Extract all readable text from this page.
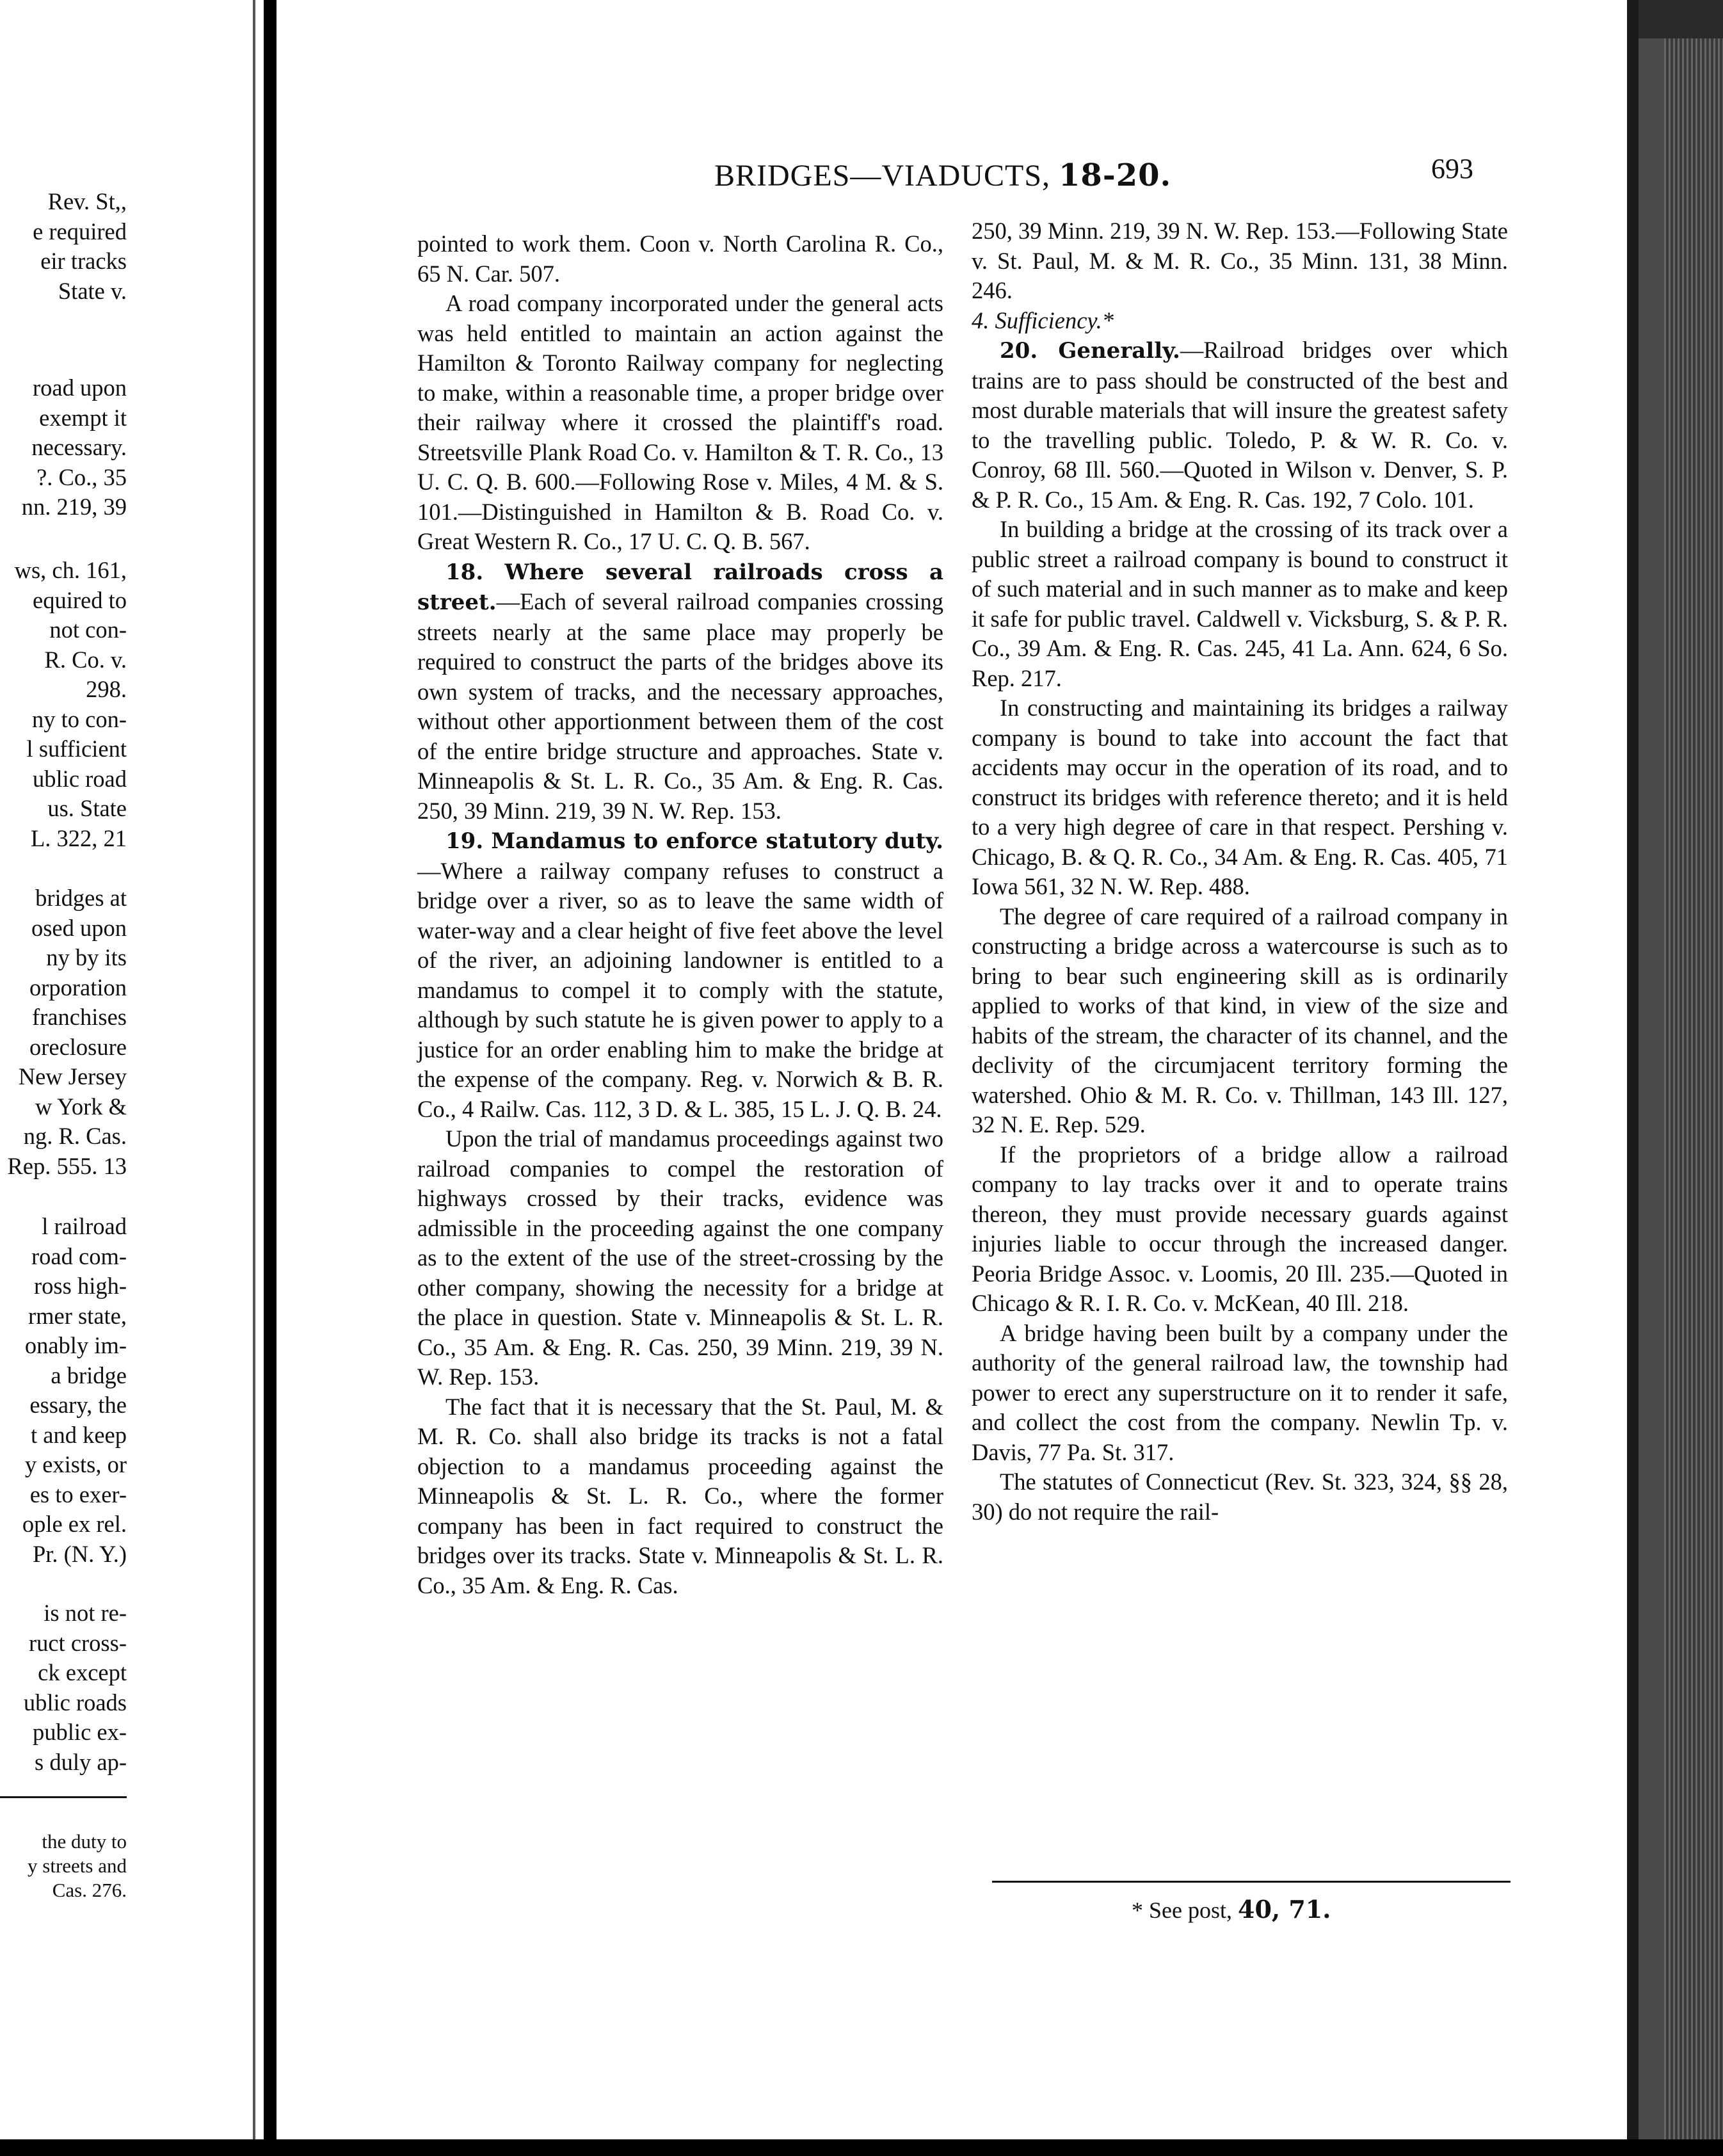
BRIDGES—VIADUCTS, 18-20.	693
Rev. St,,
e required
eir tracks
State v.
road upon
exempt it
necessary.
?. Co., 35
nn. 219, 39
ws, ch. 161,
equired to
not con-
R. Co. v.
298.
ny to con-
l sufficient
ublic road
us. State
L. 322, 21
bridges at
osed upon
ny by its
orporation
franchises
oreclosure
New Jersey
w York &
ng. R. Cas.
Rep. 555. 13
l railroad
road com-
ross high-
rmer state,
onably im-
a bridge
essary, the
t and keep
y exists, or
es to exer-
ople ex rel.
Pr. (N. Y.)
is not re-
ruct cross-
ck except
ublic roads
public ex-
s duly ap-
the duty to
y streets and
Cas. 276.

pointed to work them. Coon v. North Carolina R. Co., 65 N. Car. 507.

A road company incorporated under the general acts was held entitled to maintain an action against the Hamilton & Toronto Railway company for neglecting to make, within a reasonable time, a proper bridge over their railway where it crossed the plaintiff's road. Streetsville Plank Road Co. v. Hamilton & T. R. Co., 13 U. C. Q. B. 600.—Following Rose v. Miles, 4 M. & S. 101.—Distinguished in Hamilton & B. Road Co. v. Great Western R. Co., 17 U. C. Q. B. 567.

18. Where several railroads cross a street.—Each of several railroad companies crossing streets nearly at the same place may properly be required to construct the parts of the bridges above its own system of tracks, and the necessary approaches, without other apportionment between them of the cost of the entire bridge structure and approaches. State v. Minneapolis & St. L. R. Co., 35 Am. & Eng. R. Cas. 250, 39 Minn. 219, 39 N. W. Rep. 153.

19. Mandamus to enforce statutory duty.—Where a railway company refuses to construct a bridge over a river, so as to leave the same width of water-way and a clear height of five feet above the level of the river, an adjoining landowner is entitled to a mandamus to compel it to comply with the statute, although by such statute he is given power to apply to a justice for an order enabling him to make the bridge at the expense of the company. Reg. v. Norwich & B. R. Co., 4 Railw. Cas. 112, 3 D. & L. 385, 15 L. J. Q. B. 24.

Upon the trial of mandamus proceedings against two railroad companies to compel the restoration of highways crossed by their tracks, evidence was admissible in the proceeding against the one company as to the extent of the use of the street-crossing by the other company, showing the necessity for a bridge at the place in question. State v. Minneapolis & St. L. R. Co., 35 Am. & Eng. R. Cas. 250, 39 Minn. 219, 39 N. W. Rep. 153.

The fact that it is necessary that the St. Paul, M. & M. R. Co. shall also bridge its tracks is not a fatal objection to a mandamus proceeding against the Minneapolis & St. L. R. Co., where the former company has been in fact required to construct the bridges over its tracks. State v. Minneapolis & St. L. R. Co., 35 Am. & Eng. R. Cas.

250, 39 Minn. 219, 39 N. W. Rep. 153.—Following State v. St. Paul, M. & M. R. Co., 35 Minn. 131, 38 Minn. 246.

4. Sufficiency.*

20. Generally.—Railroad bridges over which trains are to pass should be constructed of the best and most durable materials that will insure the greatest safety to the travelling public. Toledo, P. & W. R. Co. v. Conroy, 68 Ill. 560.—Quoted in Wilson v. Denver, S. P. & P. R. Co., 15 Am. & Eng. R. Cas. 192, 7 Colo. 101.

In building a bridge at the crossing of its track over a public street a railroad company is bound to construct it of such material and in such manner as to make and keep it safe for public travel. Caldwell v. Vicksburg, S. & P. R. Co., 39 Am. & Eng. R. Cas. 245, 41 La. Ann. 624, 6 So. Rep. 217.

In constructing and maintaining its bridges a railway company is bound to take into account the fact that accidents may occur in the operation of its road, and to construct its bridges with reference thereto; and it is held to a very high degree of care in that respect. Pershing v. Chicago, B. & Q. R. Co., 34 Am. & Eng. R. Cas. 405, 71 Iowa 561, 32 N. W. Rep. 488.

The degree of care required of a railroad company in constructing a bridge across a watercourse is such as to bring to bear such engineering skill as is ordinarily applied to works of that kind, in view of the size and habits of the stream, the character of its channel, and the declivity of the circumjacent territory forming the watershed. Ohio & M. R. Co. v. Thillman, 143 Ill. 127, 32 N. E. Rep. 529.

If the proprietors of a bridge allow a railroad company to lay tracks over it and to operate trains thereon, they must provide necessary guards against injuries liable to occur through the increased danger. Peoria Bridge Assoc. v. Loomis, 20 Ill. 235.—Quoted in Chicago & R. I. R. Co. v. McKean, 40 Ill. 218.

A bridge having been built by a company under the authority of the general railroad law, the township had power to erect any superstructure on it to render it safe, and collect the cost from the company. Newlin Tp. v. Davis, 77 Pa. St. 317.

The statutes of Connecticut (Rev. St. 323, 324, §§ 28, 30) do not require the rail-

* See post, 40, 71.
